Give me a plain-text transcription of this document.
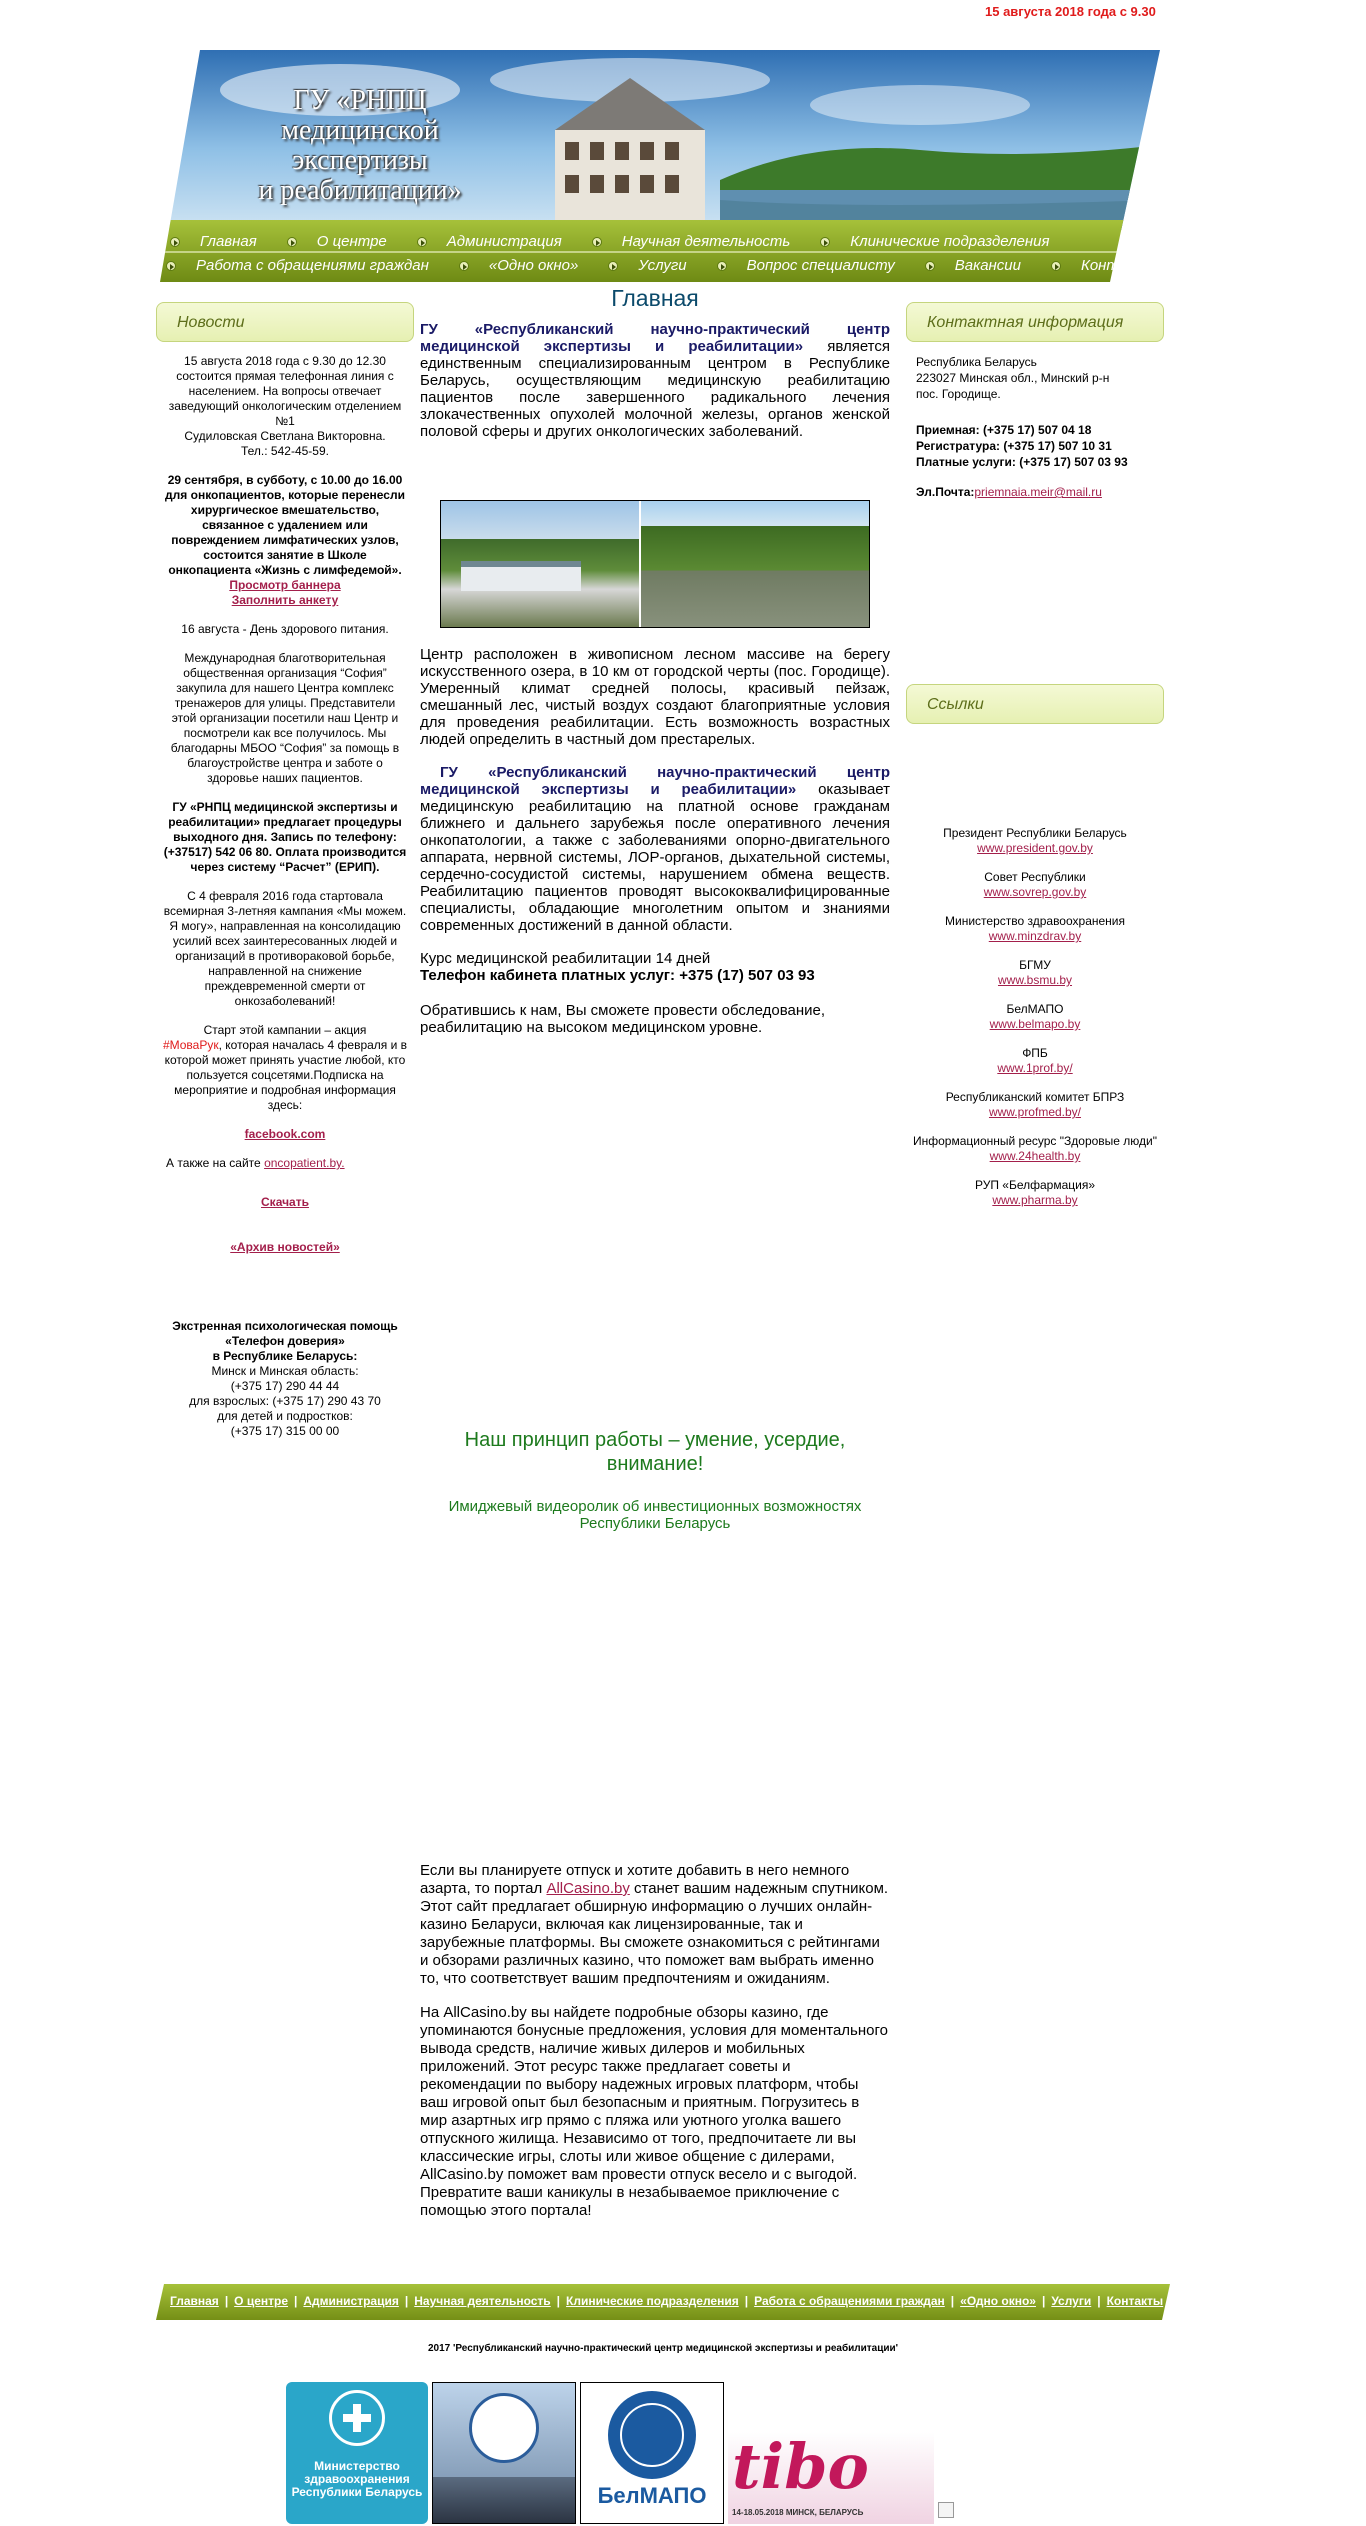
15 августа 2018 года с 9.30
ГУ «РНПЦ
медицинской экспертизы
и реабилитации»
Главная	О центре	Администрация	Научная деятельность	Клинические подразделения
Работа с обращениями граждан	«Одно окно»	Услуги	Вопрос специалисту	Вакансии	Контакты
Новости

15 августа 2018 года с 9.30 до 12.30 состоится прямая телефонная линия с населением. На вопросы отвечает заведующий онкологическим отделением №1
Судиловская Светлана Викторовна.
Тел.: 542-45-59.

29 сентября, в субботу, с 10.00 до 16.00 для онкопациентов, которые перенесли хирургическое вмешательство, связанное с удалением или повреждением лимфатических узлов, состоится занятие в Школе онкопациента «Жизнь с лимфедемой».
Просмотр баннера
Заполнить анкету

16 августа - День здорового питания.

Международная благотворительная общественная организация “София” закупила для нашего Центра комплекс тренажеров для улицы. Представители этой организации посетили наш Центр и посмотрели как все получилось. Мы благодарны МБОО “София” за помощь в благоустройстве центра и заботе о здоровье наших пациентов.

ГУ «РНПЦ медицинской экспертизы и реабилитации» предлагает процедуры выходного дня. Запись по телефону: (+37517) 542 06 80. Оплата производится через систему “Расчет” (ЕРИП).

С 4 февраля 2016 года стартовала всемирная 3-летняя кампания «Мы можем. Я могу», направленная на консолидацию усилий всех заинтересованных людей и организаций в противораковой борьбе, направленной на снижение преждевременной смерти от онкозаболеваний!

Старт этой кампании – акция
#МоваРук, которая началась 4 февраля и в которой может принять участие любой, кто пользуется соцсетями.Подписка на мероприятие и подробная информация здесь:

facebook.com

А также на сайте oncopatient.by.

Скачать

«Архив новостей»

Экстренная психологическая помощь «Телефон доверия»
в Республике Беларусь:
Минск и Минская область:
(+375 17) 290 44 44
для взрослых: (+375 17) 290 43 70
для детей и подростков:
(+375 17) 315 00 00
Главная

ГУ «Республиканский научно-практический центр медицинской экспертизы и реабилитации» является единственным специализированным центром в Республике Беларусь, осуществляющим медицинскую реабилитацию пациентов после завершенного радикального лечения злокачественных опухолей молочной железы, органов женской половой сферы и других онкологических заболеваний.

Центр расположен в живописном лесном массиве на берегу искусственного озера, в 10 км от городской черты (пос. Городище). Умеренный климат средней полосы, красивый пейзаж, смешанный лес, чистый воздух создают благоприятные условия для проведения реабилитации. Есть возможность возрастных людей определить в частный дом престарелых.

ГУ «Республиканский научно-практический центр медицинской экспертизы и реабилитации» оказывает медицинскую реабилитацию на платной основе гражданам ближнего и дальнего зарубежья после оперативного лечения онкопатологии, а также с заболеваниями опорно-двигательного аппарата, нервной системы, ЛОР-органов, дыхательной системы, сердечно-сосудистой системы, нарушением обмена веществ. Реабилитацию пациентов проводят высококвалифицированные специалисты, обладающие многолетним опытом и знаниями современных достижений в данной области.

Курс медицинской реабилитации 14 дней
Телефон кабинета платных услуг: +375 (17) 507 03 93

Обратившись к нам, Вы сможете провести обследование, реабилитацию на высоком медицинском уровне.

Наш принцип работы – умение, усердие, внимание!
Имиджевый видеоролик об инвестиционных возможностях Республики Беларусь

Если вы планируете отпуск и хотите добавить в него немного азарта, то портал AllCasino.by станет вашим надежным спутником. Этот сайт предлагает обширную информацию о лучших онлайн-казино Беларуси, включая как лицензированные, так и зарубежные платформы. Вы сможете ознакомиться с рейтингами и обзорами различных казино, что поможет вам выбрать именно то, что соответствует вашим предпочтениям и ожиданиям.

На AllCasino.by вы найдете подробные обзоры казино, где упоминаются бонусные предложения, условия для моментального вывода средств, наличие живых дилеров и мобильных приложений. Этот ресурс также предлагает советы и рекомендации по выбору надежных игровых платформ, чтобы ваш игровой опыт был безопасным и приятным. Погрузитесь в мир азартных игр прямо с пляжа или уютного уголка вашего отпускного жилища. Независимо от того, предпочитаете ли вы классические игры, слоты или живое общение с дилерами, AllCasino.by поможет вам провести отпуск весело и с выгодой. Превратите ваши каникулы в незабываемое приключение с помощью этого портала!

Контактная информация

Республика Беларусь
223027 Минская обл., Минский р-н
пос. Городище.

Приемная: (+375 17) 507 04 18
Регистратура: (+375 17) 507 10 31
Платные услуги: (+375 17) 507 03 93

Эл.Почта:priemnaia.meir@mail.ru

Ссылки
Президент Республики Беларусь
www.president.gov.by
Совет Республики
www.sovrep.gov.by
Министерство здравоохранения
www.minzdrav.by
БГМУ
www.bsmu.by
БелМАПО
www.belmapo.by
ФПБ
www.1prof.by/
Республиканский комитет БПРЗ
www.profmed.by/
Информационный ресурс "Здоровые люди"
www.24health.by
РУП «Белфармация»
www.pharma.by
Главная | О центре | Администрация | Научная деятельность | Клинические подразделения | Работа с обращениями граждан | «Одно окно» | Услуги | Контакты
2017 'Республиканский научно-практический центр медицинской экспертизы и реабилитации'
Министерство здравоохранения Республики Беларусь	БелМАПО tibo
14-18.05.2018 МИНСК, БЕЛАРУСЬ
